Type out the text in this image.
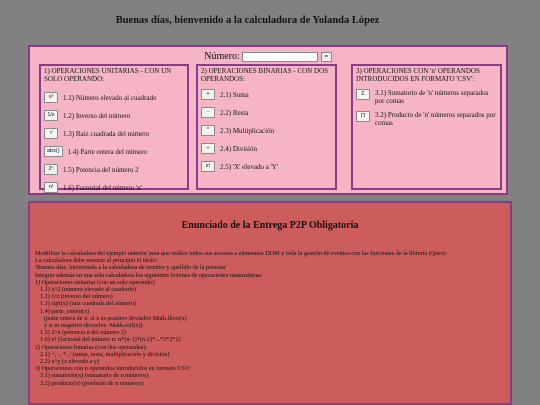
Buenas días, bienvenido a la calculadora de Yolanda López
Número:	=
1) OPERACIONES UNITARIAS - CON UN SOLO OPERANDO:
x²	1.1) Número elevado al cuadrado
1/x	1.2) Inverso del número
√	1.3) Raiz cuadrada del número
abs()	1.4) Parte entera del número
2ⁿ	1.5) Potencia del número 2
n!	1.6) Factorial del número 'n'
2) OPERACIONES BINARIAS - CON DOS OPERANDOS:
+	2.1) Suma
-	2.2) Resta
*	2.3) Multiplicación
÷	2.4) División
xʸ	2.5) 'X' elevado a 'Y'
3) OPERACIONES CON 'n' OPERANDOS INTRODUCIDOS EN FORMATO 'CSV':
Σ	3.1) Sumatorio de 'n' números separados por comas
Π	3.2) Producto de 'n' números separados por comas
Enunciado de la Entrega P2P Obligatoria
Modificar la calculadora del ejemplo anterior para que realice todos sus accesos a elementos DOM y toda la gestión de eventos con las funciones de la librería jQuery.
La calculadora debe mostrar al principio el titulo:
'Buenos días, bienvenido a la calculadora de nombre y apellido de la persona'
Integrar además en una sola calculadora los siguientes botones de operaciones matemáticas:
1) Operaciones unitarias (con un solo operando):
1.1) x^2 (número elevado al cuadrado)
1.2) 1/x (inverso del número)
1.3) sqrt(x) (raiz cuadrada del número)
1.4) parte_entera(x)
(parte entera de x: si x es positivo devuelve Math.floor(x)
y si es negativo devuelve -Math.ceil(x))
1.5) 2^n (potencia n del número 2)
1.6) n! (factorial del número n: n*(n-1)*(n-2)*...*3*2*1)
2) Operaciones binarias (con dos operandos):
2.1) +, -, *, / (suma, resta, multiplicación y división)
2.2) x^y (x elevado a y)
3) Operaciones con n operandos introducidos en formato CSV:
3.1) sumatorio(x) (sumatorio de n números)
3.2) producto(x) (producto de n números)
